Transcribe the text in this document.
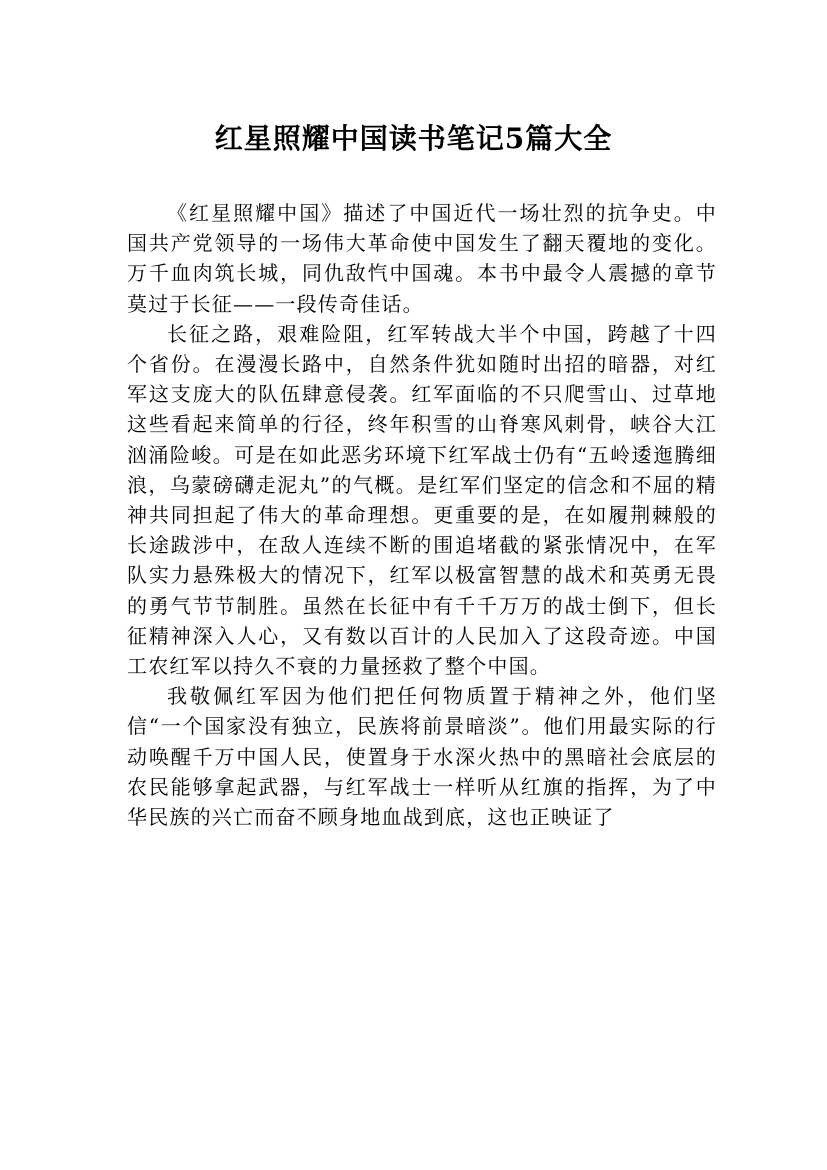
红星照耀中国读书笔记5篇大全

《红星照耀中国》描述了中国近代一场壮烈的抗争史。中国共产党领导的一场伟大革命使中国发生了翻天覆地的变化。万千血肉筑长城，同仇敌忾中国魂。本书中最令人震撼的章节莫过于长征——一段传奇佳话。

长征之路，艰难险阻，红军转战大半个中国，跨越了十四个省份。在漫漫长路中，自然条件犹如随时出招的暗器，对红军这支庞大的队伍肆意侵袭。红军面临的不只爬雪山、过草地这些看起来简单的行径，终年积雪的山脊寒风刺骨，峡谷大江汹涌险峻。可是在如此恶劣环境下红军战士仍有“五岭逶迤腾细浪，乌蒙磅礴走泥丸”的气概。是红军们坚定的信念和不屈的精神共同担起了伟大的革命理想。更重要的是，在如履荆棘般的长途跋涉中，在敌人连续不断的围追堵截的紧张情况中，在军队实力悬殊极大的情况下，红军以极富智慧的战术和英勇无畏的勇气节节制胜。虽然在长征中有千千万万的战士倒下，但长征精神深入人心，又有数以百计的人民加入了这段奇迹。中国工农红军以持久不衰的力量拯救了整个中国。

我敬佩红军因为他们把任何物质置于精神之外，他们坚信“一个国家没有独立，民族将前景暗淡”。他们用最实际的行动唤醒千万中国人民，使置身于水深火热中的黑暗社会底层的农民能够拿起武器，与红军战士一样听从红旗的指挥，为了中华民族的兴亡而奋不顾身地血战到底，这也正映证了
